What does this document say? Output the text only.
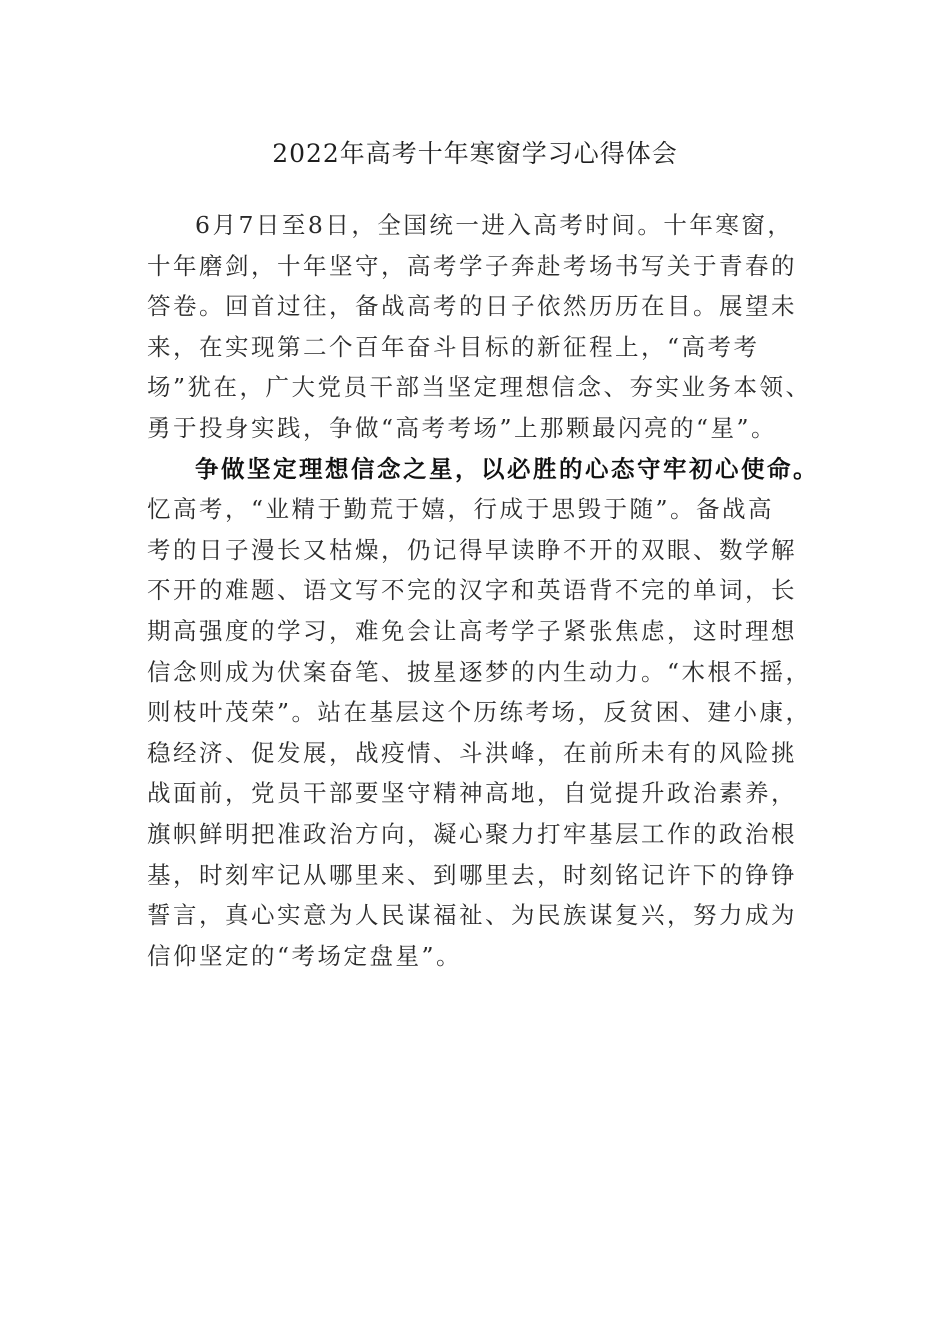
2022年高考十年寒窗学习心得体会
6月7日至8日，全国统一进入高考时间。十年寒窗，
十年磨剑，十年坚守，高考学子奔赴考场书写关于青春的
答卷。回首过往，备战高考的日子依然历历在目。展望未
来，在实现第二个百年奋斗目标的新征程上，“高考考
场”犹在，广大党员干部当坚定理想信念、夯实业务本领、
勇于投身实践，争做“高考考场”上那颗最闪亮的“星”。
争做坚定理想信念之星，以必胜的心态守牢初心使命。
忆高考，“业精于勤荒于嬉，行成于思毁于随”。备战高
考的日子漫长又枯燥，仍记得早读睁不开的双眼、数学解
不开的难题、语文写不完的汉字和英语背不完的单词，长
期高强度的学习，难免会让高考学子紧张焦虑，这时理想
信念则成为伏案奋笔、披星逐梦的内生动力。“木根不摇，
则枝叶茂荣”。站在基层这个历练考场，反贫困、建小康，
稳经济、促发展，战疫情、斗洪峰，在前所未有的风险挑
战面前，党员干部要坚守精神高地，自觉提升政治素养，
旗帜鲜明把准政治方向，凝心聚力打牢基层工作的政治根
基，时刻牢记从哪里来、到哪里去，时刻铭记许下的铮铮
誓言，真心实意为人民谋福祉、为民族谋复兴，努力成为
信仰坚定的“考场定盘星”。
